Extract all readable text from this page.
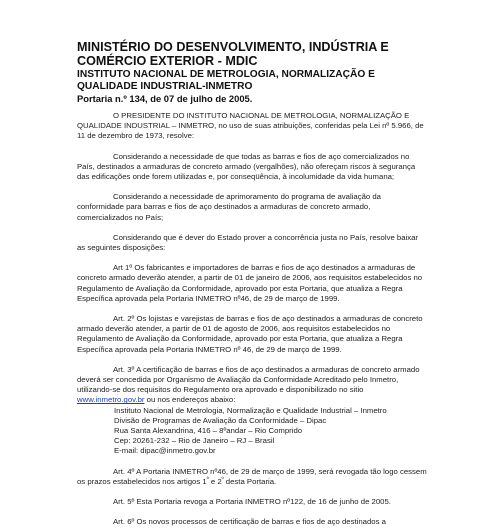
MINISTÉRIO DO DESENVOLVIMENTO, INDÚSTRIA E
COMÉRCIO EXTERIOR - MDIC
INSTITUTO NACIONAL DE METROLOGIA, NORMALIZAÇÃO E
QUALIDADE INDUSTRIAL-INMETRO
Portaria n.º 134, de 07 de julho de 2005.

O PRESIDENTE DO INSTITUTO NACIONAL DE METROLOGIA, NORMALIZAÇÃO E QUALIDADE INDUSTRIAL – INMETRO, no uso de suas atribuições, conferidas pela Lei nº 5.966, de 11 de dezembro de 1973, resolve:

Considerando a necessidade de que todas as barras e fios de aço comercializados no País, destinados a armaduras de concreto armado (vergalhões), não ofereçam riscos à segurança das edificações onde forem utilizadas e, por conseqüência, à incolumidade da vida humana;

Considerando a necessidade de aprimoramento do programa de avaliação da conformidade para barras e fios de aço destinados a armaduras de concreto armado, comercializados no País;

Considerando que é dever do Estado prover a concorrência justa no País, resolve baixar as seguintes disposições:

Art 1º Os fabricantes e importadores de barras e fios de aço destinados a armaduras de concreto armado deverão atender, a partir de 01 de janeiro de 2006, aos requisitos estabelecidos no Regulamento de Avaliação da Conformidade, aprovado por esta Portaria, que atualiza a Regra Específica aprovada pela Portaria INMETRO nº46, de 29 de março de 1999.

Art. 2º Os lojistas e varejistas de barras e fios de aço destinados a armaduras de concreto armado deverão atender, a partir de 01 de agosto de 2006, aos requisitos estabelecidos no Regulamento de Avaliação da Conformidade, aprovado por esta Portaria, que atualiza a Regra Específica aprovada pela Portaria INMETRO nº 46, de 29 de março de 1999.

Art. 3º A certificação de barras e fios de aço destinados a armaduras de concreto armado deverá ser concedida por Organismo de Avaliação da Conformidade Acreditado pelo Inmetro, utilizando-se dos requisitos do Regulamento ora aprovado e disponibilizado no sitio www.inmetro.gov.br ou nos endereços abaixo:

Instituto Nacional de Metrologia, Normalização e Qualidade Industrial – Inmetro

Divisão de Programas de Avaliação da Conformidade – Dipac

Rua Santa Alexandrina, 416 – 8ºandar – Rio Comprido

Cep: 20261-232 – Rio de Janeiro – RJ – Brasil

E-mail: dipac@inmetro.gov.br

Art. 4º A Portaria INMETRO nº46, de 29 de março de 1999, será revogada tão logo cessem os prazos estabelecidos nos artigos $1^º$ e $2^º$ desta Portaria.

Art. 5º Esta Portaria revoga a Portaria INMETRO nº122, de 16 de junho de 2005.

Art. 6º Os novos processos de certificação de barras e fios de aço destinados a
